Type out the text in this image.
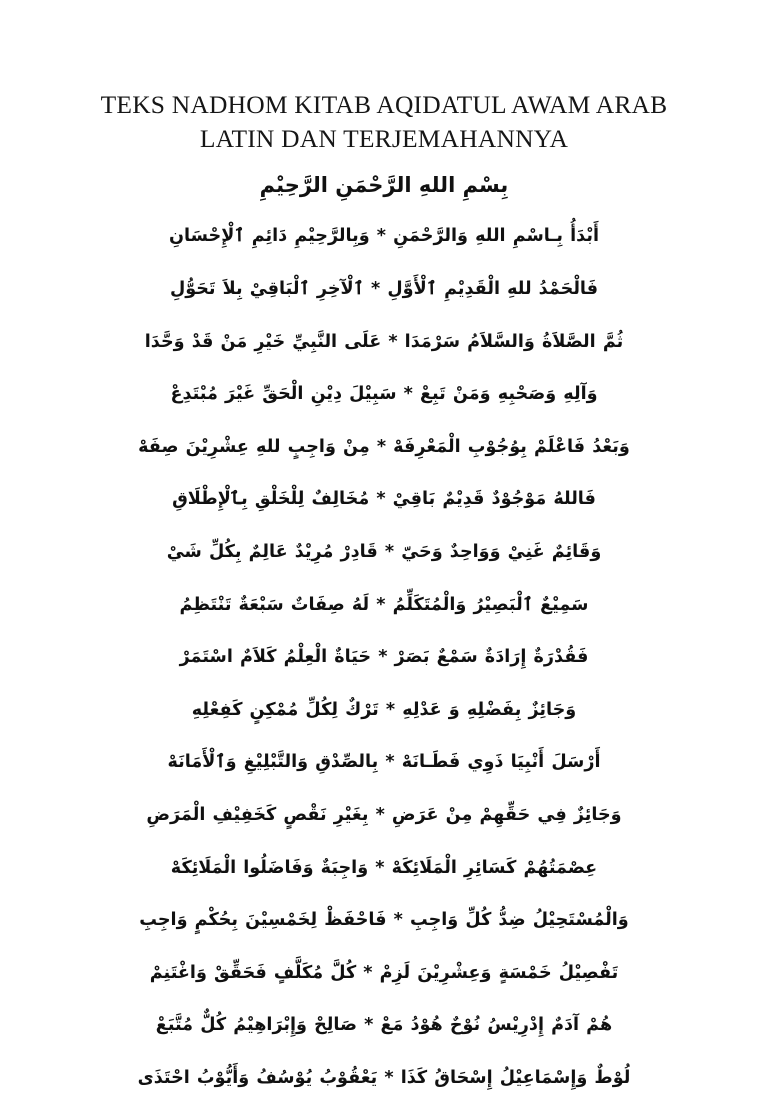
TEKS NADHOM KITAB AQIDATUL AWAM ARAB
LATIN DAN TERJEMAHANNYA

بِسْمِ اللهِ الرَّحْمَنِ الرَّحِيْمِ

أَبْدَأُ بِـاسْمِ اللهِ وَالرَّحْمَنِ * وَبِالرَّحِيْمِ دَائِمِ ٱلْإِحْسَانِ

فَالْحَمْدُ للهِ الْقَدِيْمِ ٱلْأَوَّلِ * ٱلْآخِرِ ٱلْبَاقِيْ بِلاَ تَحَوُّلِ

ثُمَّ الصَّلاَةُ وَالسَّلاَمُ سَرْمَدَا * عَلَى النَّبِيِّ خَيْرِ مَنْ قَدْ وَحَّدَا

وَآلِهِ وَصَحْبِهِ وَمَنْ تَبِعْ * سَبِيْلَ دِيْنِ الْحَقِّ غَيْرَ مُبْتَدِعْ

وَبَعْدُ فَاعْلَمْ بِوُجُوْبِ الْمَعْرِفَهْ * مِنْ وَاجِبٍ للهِ عِشْرِيْنَ صِفَهْ

فَاللهُ مَوْجُوْدٌ قَدِيْمٌ بَاقِيْ * مُخَالِفٌ لِلْخَلْقِ بِٱلْإِطْلَاقِ

وَقَائِمٌ غَنِيْ وَوَاحِدٌ وَحَيّ * قَادِرْ مُرِيْدٌ عَالِمٌ بِكُلِّ شَيْ

سَمِيْعٌ ٱلْبَصِيْرُ وَالْمُتَكَلِّمُ * لَهُ صِفَاتٌ سَبْعَةٌ تَنْتَظِمُ

فَقُدْرَةٌ إِرَادَةٌ سَمْعٌ بَصَرْ * حَيَاةٌ الْعِلْمُ كَلاَمٌ اسْتَمَرْ

وَجَائِزٌ بِفَضْلِهِ وَ عَدْلِهِ * تَرْكٌ لِكُلِّ مُمْكِنٍ كَفِعْلِهِ

أَرْسَلَ أَنْبِيَا ذَوِي فَطَـانَهْ * بِالصِّدْقِ وَالتَّبْلِيْغِ وَٱلْأَمَانَهْ

وَجَائِزٌ فِي حَقِّهِمْ مِنْ عَرَضِ * بِغَيْرِ نَقْصٍ كَخَفِيْفِ الْمَرَضِ

عِصْمَتُهُمْ كَسَائِرِ الْمَلَائِكَهْ * وَاجِبَةٌ وَفَاضَلُوا الْمَلَائِكَهْ

وَالْمُسْتَحِيْلُ ضِدُّ كُلِّ وَاجِبِ * فَاحْفَظْ لِخَمْسِيْنَ بِحُكْمٍ وَاجِبِ

تَفْصِيْلُ خَمْسَةٍ وَعِشْرِيْنَ لَزِمْ * كُلَّ مُكَلَّفٍ فَحَقِّقْ وَاغْتَنِمْ

هُمْ آدَمٌ إِدْرِيْسُ نُوْحٌ هُوْدُ مَعْ * صَالِحْ وَإِبْرَاهِيْمُ كُلٌّ مُتَّبَعْ

لُوْطٌ وَإِسْمَاعِيْلُ إِسْحَاقُ كَذَا * يَعْقُوْبُ يُوْسُفُ وَأَيُّوْبُ احْتَذَى
